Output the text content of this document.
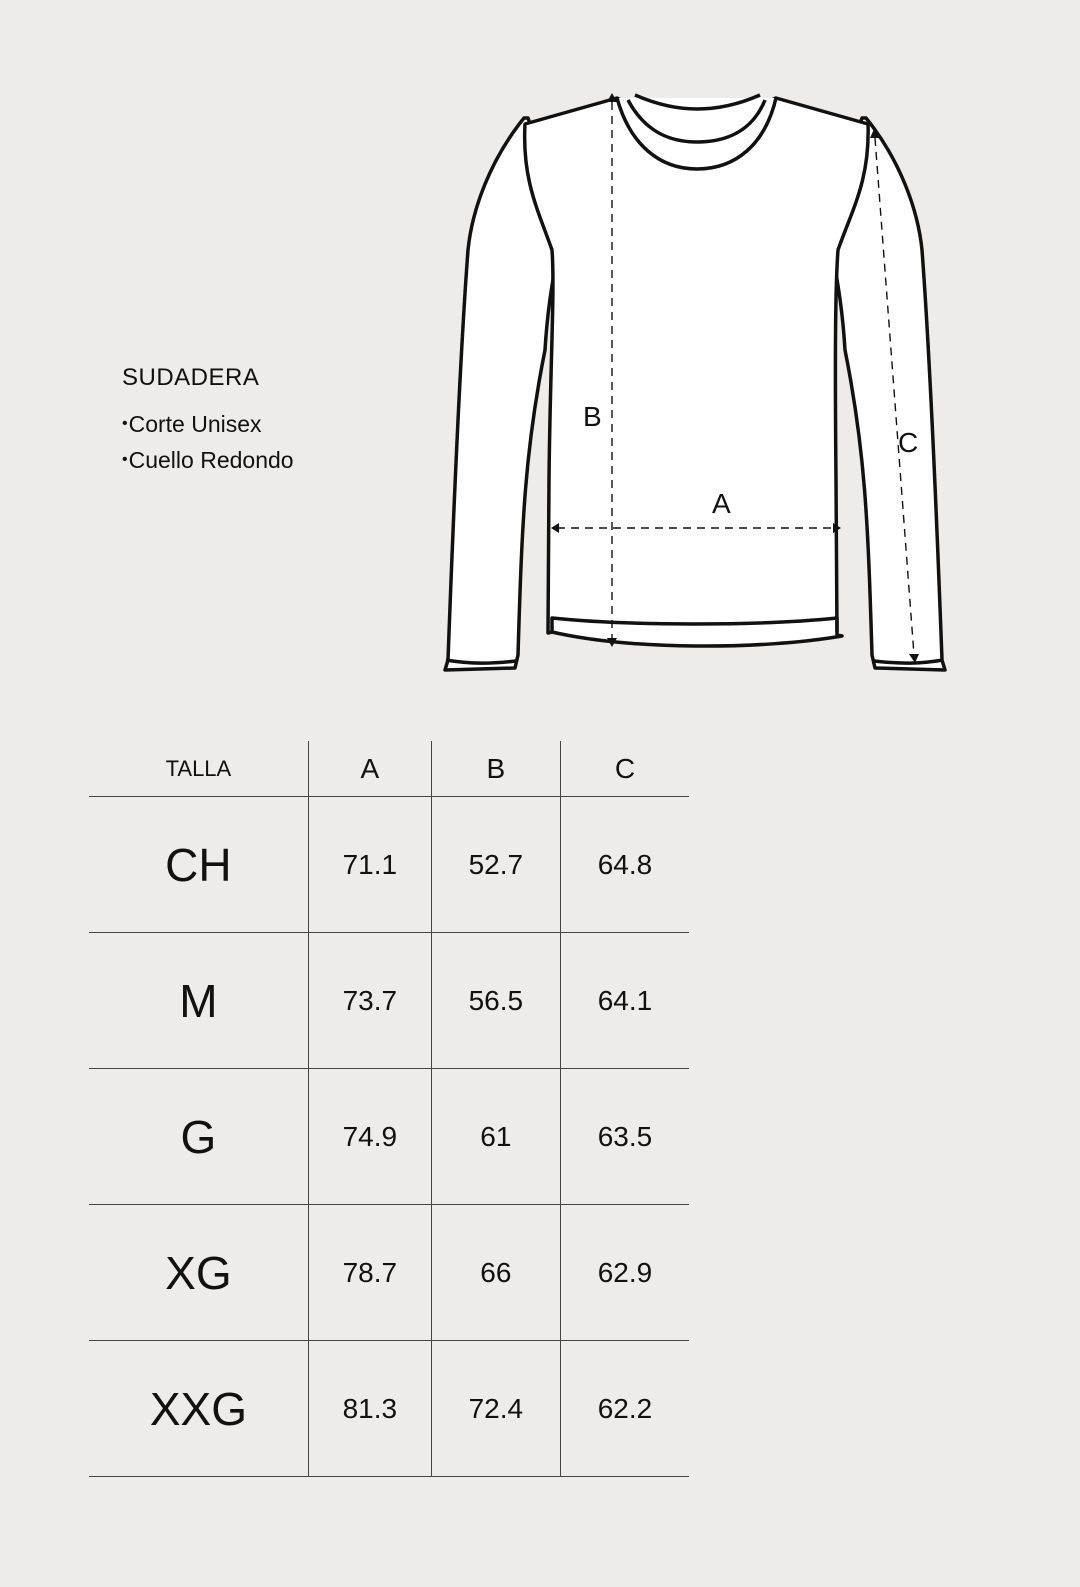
SUDADERA
• Corte Unisex
• Cuello Redondo
B
A
C
TALLA	A	B	C
CH	71.1	52.7	64.8
M	73.7	56.5	64.1
G	74.9	61	63.5
XG	78.7	66	62.9
XXG	81.3	72.4	62.2
